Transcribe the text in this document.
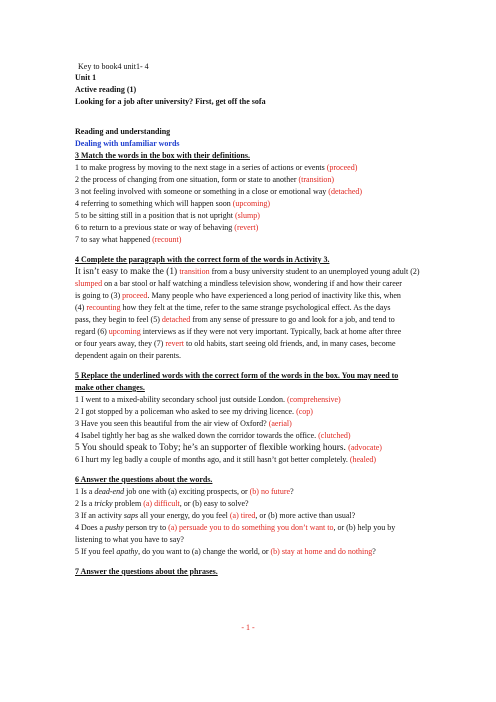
Key to book4 unit1- 4
Unit 1
Active reading (1)
Looking for a job after university? First, get off the sofa
Reading and understanding
Dealing with unfamiliar words
3 Match the words in the box with their definitions.
1 to make progress by moving to the next stage in a series of actions or events (proceed)
2 the process of changing from one situation, form or state to another (transition)
3 not feeling involved with someone or something in a close or emotional way (detached)
4 referring to something which will happen soon (upcoming)
5 to be sitting still in a position that is not upright (slump)
6 to return to a previous state or way of behaving (revert)
7 to say what happened (recount)
4 Complete the paragraph with the correct form of the words in Activity 3.
It isn’t easy to make the (1) transition from a busy university student to an unemployed young adult (2)
slumped on a bar stool or half watching a mindless television show, wondering if and how their career
is going to (3) proceed. Many people who have experienced a long period of inactivity like this, when
(4) recounting how they felt at the time, refer to the same strange psychological effect. As the days
pass, they begin to feel (5) detached from any sense of pressure to go and look for a job, and tend to
regard (6) upcoming interviews as if they were not very important. Typically, back at home after three
or four years away, they (7) revert to old habits, start seeing old friends, and, in many cases, become
dependent again on their parents.
5 Replace the underlined words with the correct form of the words in the box. You may need to
make other changes.
1 I went to a mixed-ability secondary school just outside London. (comprehensive)
2 I got stopped by a policeman who asked to see my driving licence. (cop)
3 Have you seen this beautiful from the air view of Oxford? (aerial)
4 Isabel tightly her bag as she walked down the corridor towards the office. (clutched)
5 You should speak to Toby; he’s an supporter of flexible working hours. (advocate)
6 I hurt my leg badly a couple of months ago, and it still hasn’t got better completely. (healed)
6 Answer the questions about the words.
1 Is a dead-end job one with (a) exciting prospects, or (b) no future?
2 Is a tricky problem (a) difficult, or (b) easy to solve?
3 If an activity saps all your energy, do you feel (a) tired, or (b) more active than usual?
4 Does a pushy person try to (a) persuade you to do something you don’t want to, or (b) help you by
listening to what you have to say?
5 If you feel apathy, do you want to (a) change the world, or (b) stay at home and do nothing?
7 Answer the questions about the phrases.
- 1 -
